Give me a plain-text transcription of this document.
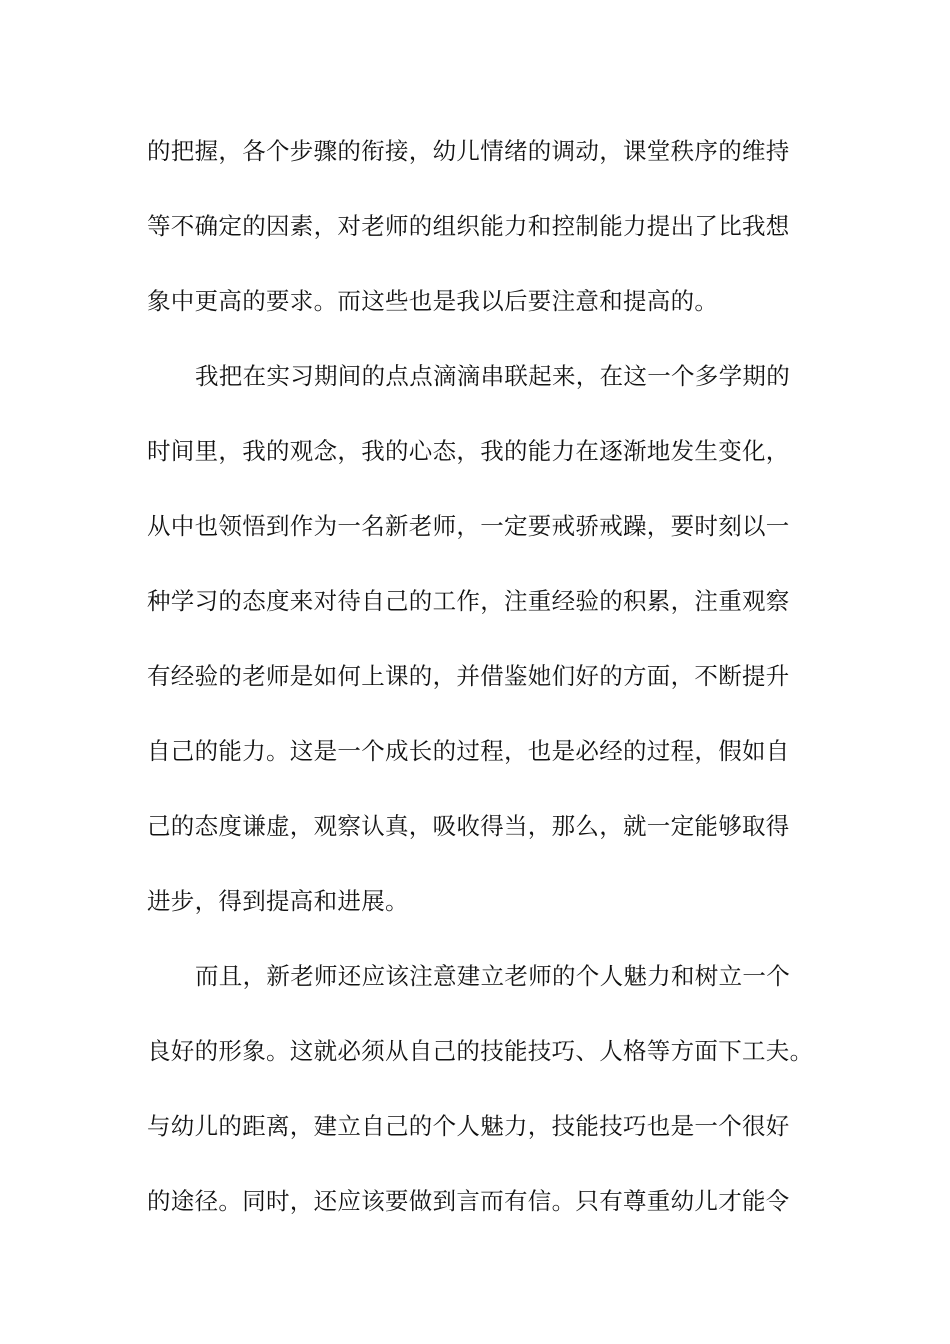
的把握，各个步骤的衔接，幼儿情绪的调动，课堂秩序的维持
等不确定的因素，对老师的组织能力和控制能力提出了比我想
象中更高的要求。而这些也是我以后要注意和提高的。
我把在实习期间的点点滴滴串联起来，在这一个多学期的
时间里，我的观念，我的心态，我的能力在逐渐地发生变化，
从中也领悟到作为一名新老师，一定要戒骄戒躁，要时刻以一
种学习的态度来对待自己的工作，注重经验的积累，注重观察
有经验的老师是如何上课的，并借鉴她们好的方面，不断提升
自己的能力。这是一个成长的过程，也是必经的过程，假如自
己的态度谦虚，观察认真，吸收得当，那么，就一定能够取得
进步，得到提高和进展。
而且，新老师还应该注意建立老师的个人魅力和树立一个
良好的形象。这就必须从自己的技能技巧、人格等方面下工夫。
与幼儿的距离，建立自己的个人魅力，技能技巧也是一个很好
的途径。同时，还应该要做到言而有信。只有尊重幼儿才能令
